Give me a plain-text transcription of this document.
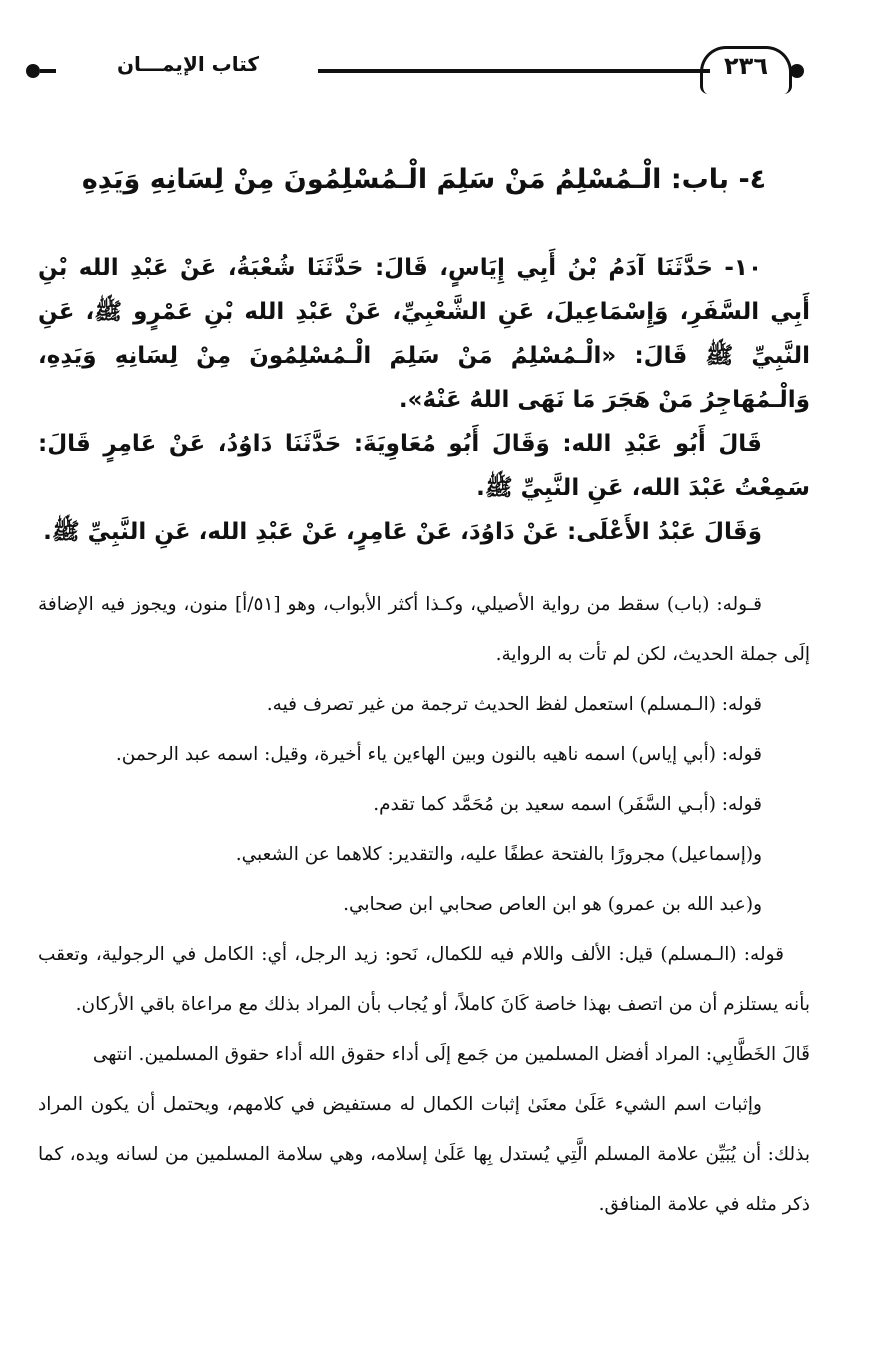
كتاب الإيمـــان	٢٣٦
٤- باب: الْـمُسْلِمُ مَنْ سَلِمَ الْـمُسْلِمُونَ مِنْ لِسَانِهِ وَيَدِهِ

١٠- حَدَّثَنَا آدَمُ بْنُ أَبِي إِيَاسٍ، قَالَ: حَدَّثَنَا شُعْبَةُ، عَنْ عَبْدِ الله بْنِ أَبِي السَّفَرِ، وَإِسْمَاعِيلَ، عَنِ الشَّعْبِيِّ، عَنْ عَبْدِ الله بْنِ عَمْرٍو ﷺ، عَنِ النَّبِيِّ ﷺ قَالَ: «الْـمُسْلِمُ مَنْ سَلِمَ الْـمُسْلِمُونَ مِنْ لِسَانِهِ وَيَدِهِ، وَالْـمُهَاجِرُ مَنْ هَجَرَ مَا نَهَى اللهُ عَنْهُ».

قَالَ أَبُو عَبْدِ الله: وَقَالَ أَبُو مُعَاوِيَةَ: حَدَّثَنَا دَاوُدُ، عَنْ عَامِرٍ قَالَ: سَمِعْتُ عَبْدَ الله، عَنِ النَّبِيِّ ﷺ.

وَقَالَ عَبْدُ الأَعْلَى: عَنْ دَاوُدَ، عَنْ عَامِرٍ، عَنْ عَبْدِ الله، عَنِ النَّبِيِّ ﷺ.

قـوله: (باب) سقط من رواية الأصيلي، وكـذا أكثر الأبواب، وهو [٥١/أ] منون، ويجوز فيه الإضافة إلَى جملة الحديث، لكن لم تأت به الرواية.

قوله: (الـمسلم) استعمل لفظ الحديث ترجمة من غير تصرف فيه.

قوله: (أبي إياس) اسمه ناهيه بالنون وبين الهاءين ياء أخيرة، وقيل: اسمه عبد الرحمن.

قوله: (أبـي السَّفَر) اسمه سعيد بن مُحَمَّد كما تقدم.

و(إسماعيل) مجرورًا بالفتحة عطفًا عليه، والتقدير: كلاهما عن الشعبي.

و(عبد الله بن عمرو) هو ابن العاص صحابي ابن صحابي.

قوله: (الـمسلم) قيل: الألف واللام فيه للكمال، نَحو: زيد الرجل، أي: الكامل في الرجولية، وتعقب بأنه يستلزم أن من اتصف بهذا خاصة كَانَ كاملاً، أو يُجاب بأن المراد بذلك مع مراعاة باقي الأركان.

قَالَ الخَطَّابِي: المراد أفضل المسلمين من جَمع إلَى أداء حقوق الله أداء حقوق المسلمين. انتهى

وإثبات اسم الشيء عَلَىٰ معنَىٰ إثبات الكمال له مستفيض في كلامهم، ويحتمل أن يكون المراد بذلك: أن يُبَيِّن علامة المسلم الَّتِي يُستدل بِها عَلَىٰ إسلامه، وهي سلامة المسلمين من لسانه ويده، كما ذكر مثله في علامة المنافق.
